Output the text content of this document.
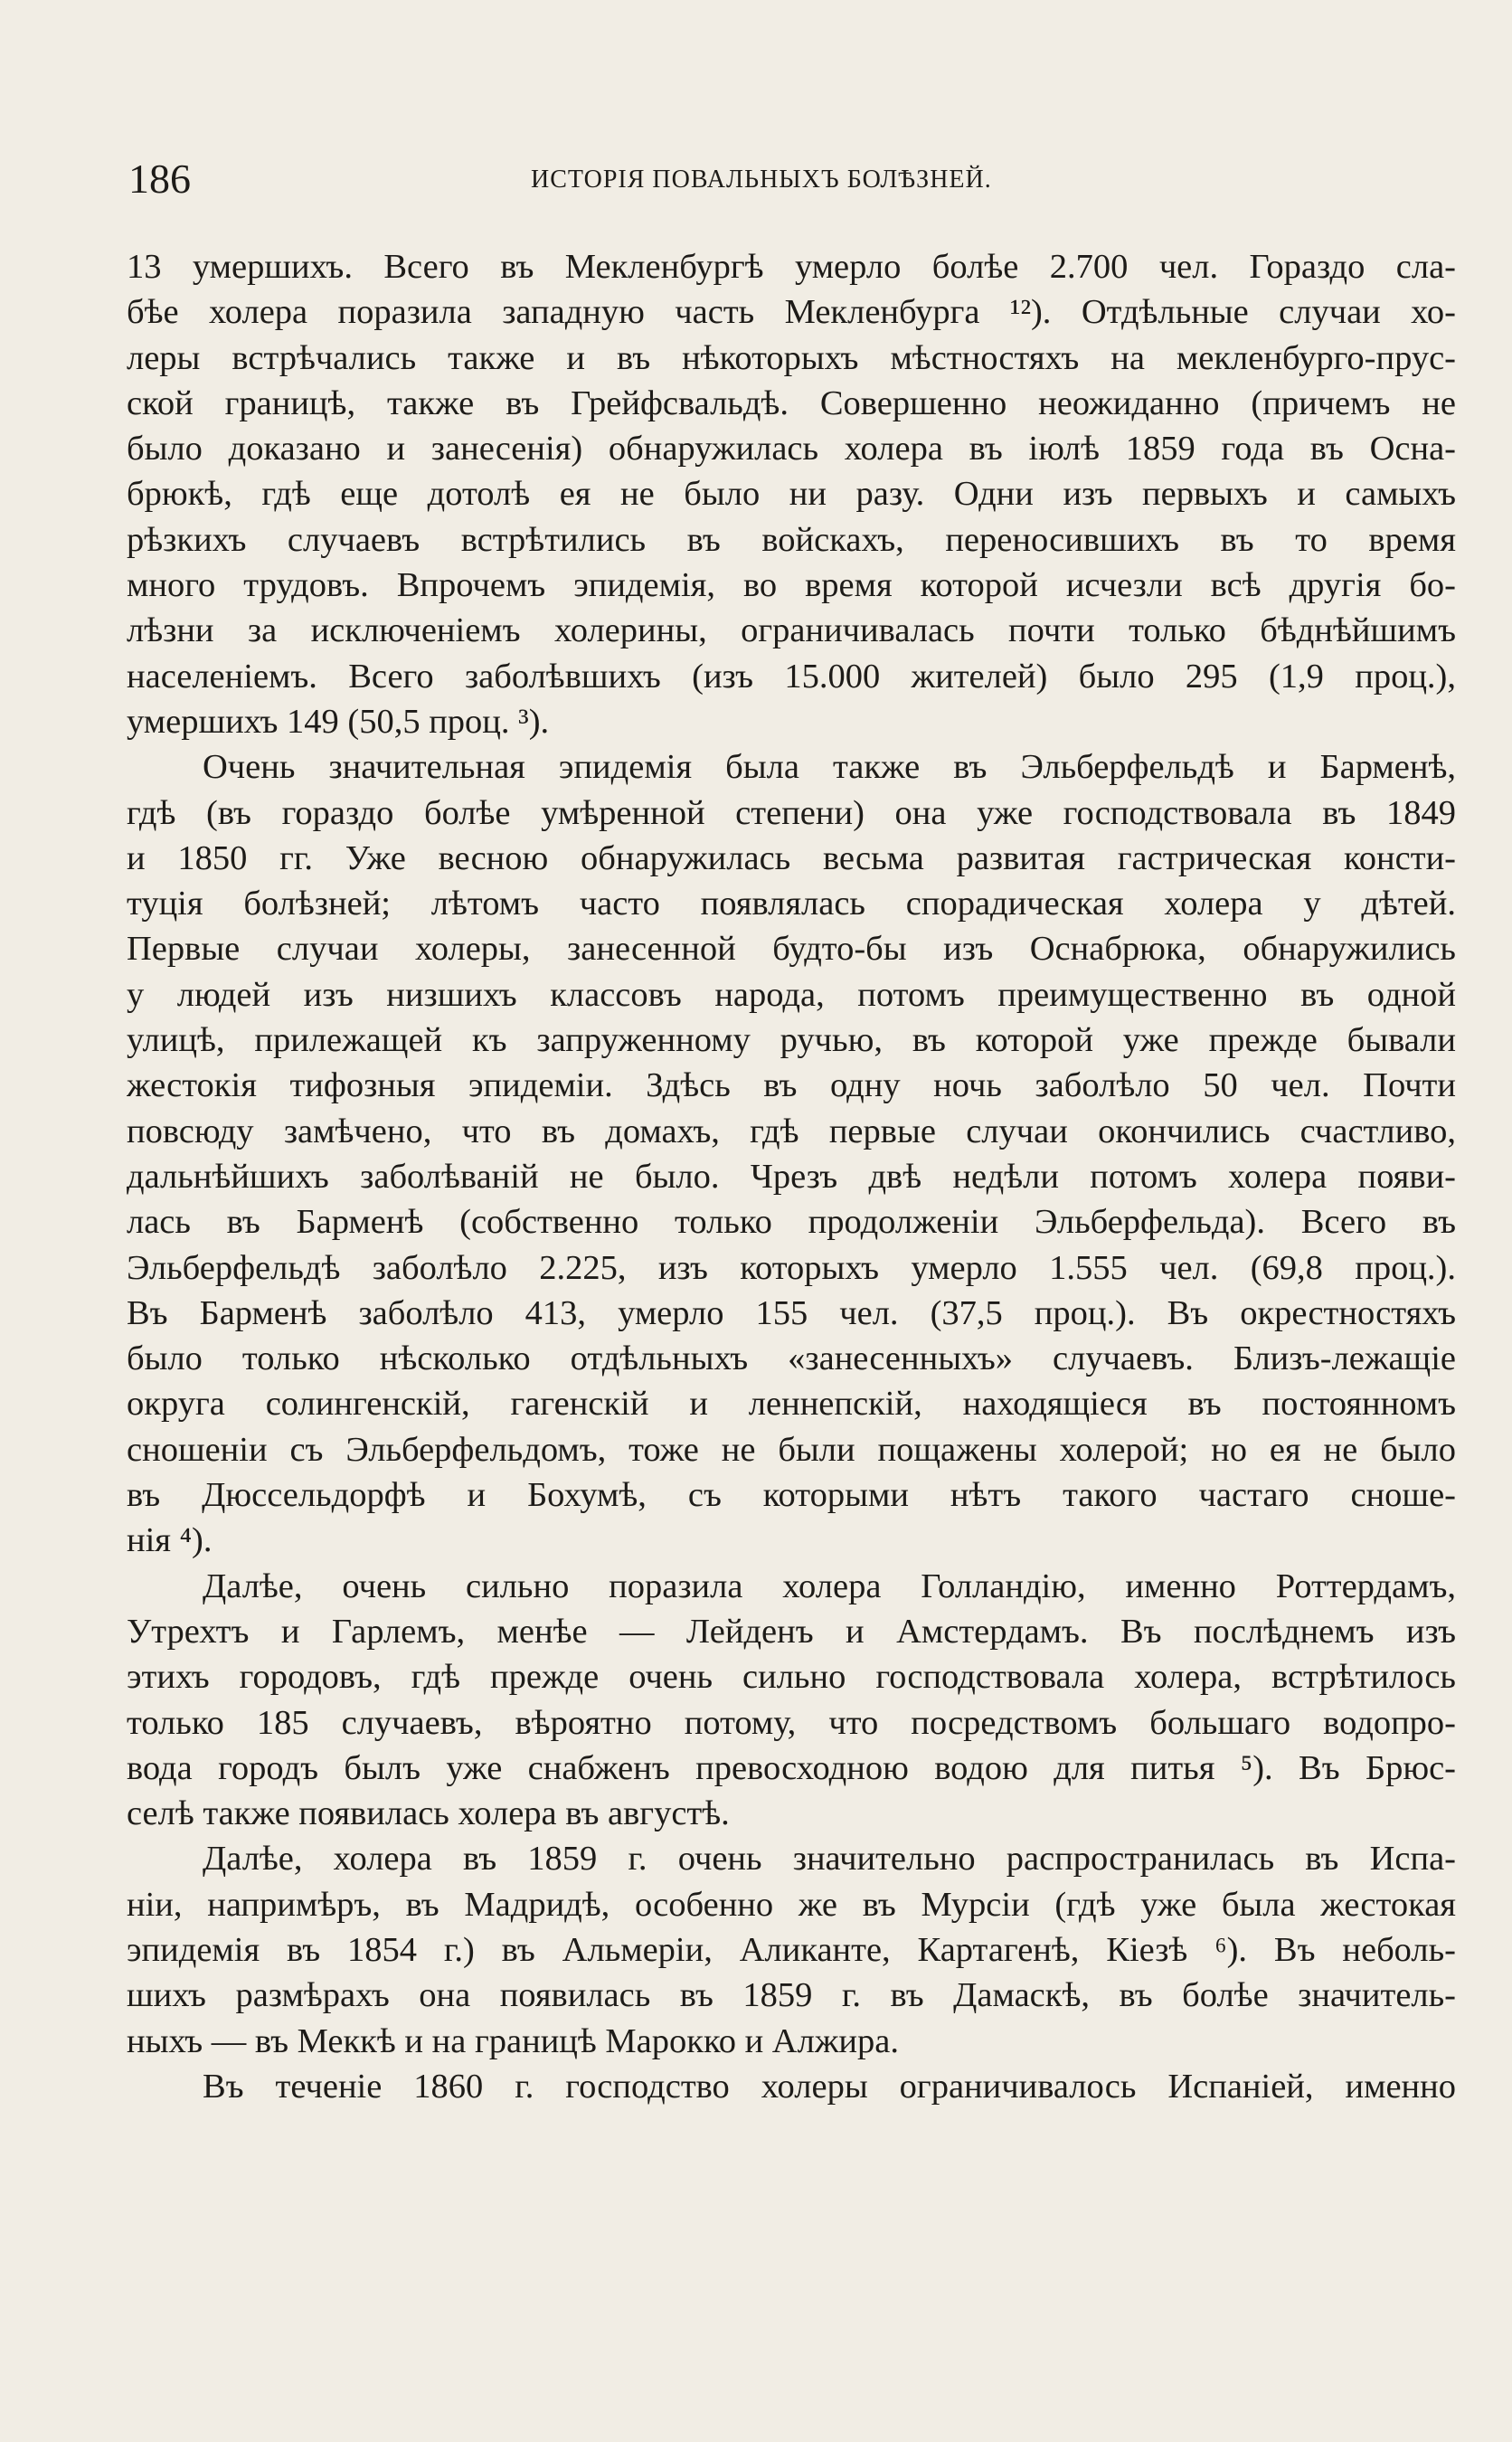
186	ИСТОРІЯ ПОВАЛЬНЫХЪ БОЛѢЗНЕЙ.
13 умершихъ. Всего въ Мекленбургѣ умерло болѣе 2.700 чел. Гораздо сла-
бѣе холера поразила западную часть Мекленбурга ¹²). Отдѣльные случаи хо-
леры встрѣчались также и въ нѣкоторыхъ мѣстностяхъ на мекленбурго-прус-
ской границѣ, также въ Грейфсвальдѣ. Совершенно неожиданно (причемъ не
было доказано и занесенія) обнаружилась холера въ іюлѣ 1859 года въ Осна-
брюкѣ, гдѣ еще дотолѣ ея не было ни разу. Одни изъ первыхъ и самыхъ
рѣзкихъ случаевъ встрѣтились въ войскахъ, переносившихъ въ то время
много трудовъ. Впрочемъ эпидемія, во время которой исчезли всѣ другія бо-
лѣзни за исключеніемъ холерины, ограничивалась почти только бѣднѣйшимъ
населеніемъ. Всего заболѣвшихъ (изъ 15.000 жителей) было 295 (1,9 проц.),
умершихъ 149 (50,5 проц. ³).
Очень значительная эпидемія была также въ Эльберфельдѣ и Барменѣ,
гдѣ (въ гораздо болѣе умѣренной степени) она уже господствовала въ 1849
и 1850 гг. Уже весною обнаружилась весьма развитая гастрическая консти-
туція болѣзней; лѣтомъ часто появлялась спорадическая холера у дѣтей.
Первые случаи холеры, занесенной будто-бы изъ Оснабрюка, обнаружились
у людей изъ низшихъ классовъ народа, потомъ преимущественно въ одной
улицѣ, прилежащей къ запруженному ручью, въ которой уже прежде бывали
жестокія тифозныя эпидеміи. Здѣсь въ одну ночь заболѣло 50 чел. Почти
повсюду замѣчено, что въ домахъ, гдѣ первые случаи окончились счастливо,
дальнѣйшихъ заболѣваній не было. Чрезъ двѣ недѣли потомъ холера появи-
лась въ Барменѣ (собственно только продолженіи Эльберфельда). Всего въ
Эльберфельдѣ заболѣло 2.225, изъ которыхъ умерло 1.555 чел. (69,8 проц.).
Въ Барменѣ заболѣло 413, умерло 155 чел. (37,5 проц.). Въ окрестностяхъ
было только нѣсколько отдѣльныхъ «занесенныхъ» случаевъ. Близъ-лежащіе
округа солингенскій, гагенскій и леннепскій, находящіеся въ постоянномъ
сношеніи съ Эльберфельдомъ, тоже не были пощажены холерой; но ея не было
въ Дюссельдорфѣ и Бохумѣ, съ которыми нѣтъ такого частаго сноше-
нія ⁴).
Далѣе, очень сильно поразила холера Голландію, именно Роттердамъ,
Утрехтъ и Гарлемъ, менѣе — Лейденъ и Амстердамъ. Въ послѣднемъ изъ
этихъ городовъ, гдѣ прежде очень сильно господствовала холера, встрѣтилось
только 185 случаевъ, вѣроятно потому, что посредствомъ большаго водопро-
вода городъ былъ уже снабженъ превосходною водою для питья ⁵). Въ Брюс-
селѣ также появилась холера въ августѣ.
Далѣе, холера въ 1859 г. очень значительно распространилась въ Испа-
ніи, напримѣръ, въ Мадридѣ, особенно же въ Мурсіи (гдѣ уже была жестокая
эпидемія въ 1854 г.) въ Альмеріи, Аликанте, Картагенѣ, Кіезѣ ⁶). Въ неболь-
шихъ размѣрахъ она появилась въ 1859 г. въ Дамаскѣ, въ болѣе значитель-
ныхъ — въ Меккѣ и на границѣ Марокко и Алжира.
Въ теченіе 1860 г. господство холеры ограничивалось Испаніей, именно
